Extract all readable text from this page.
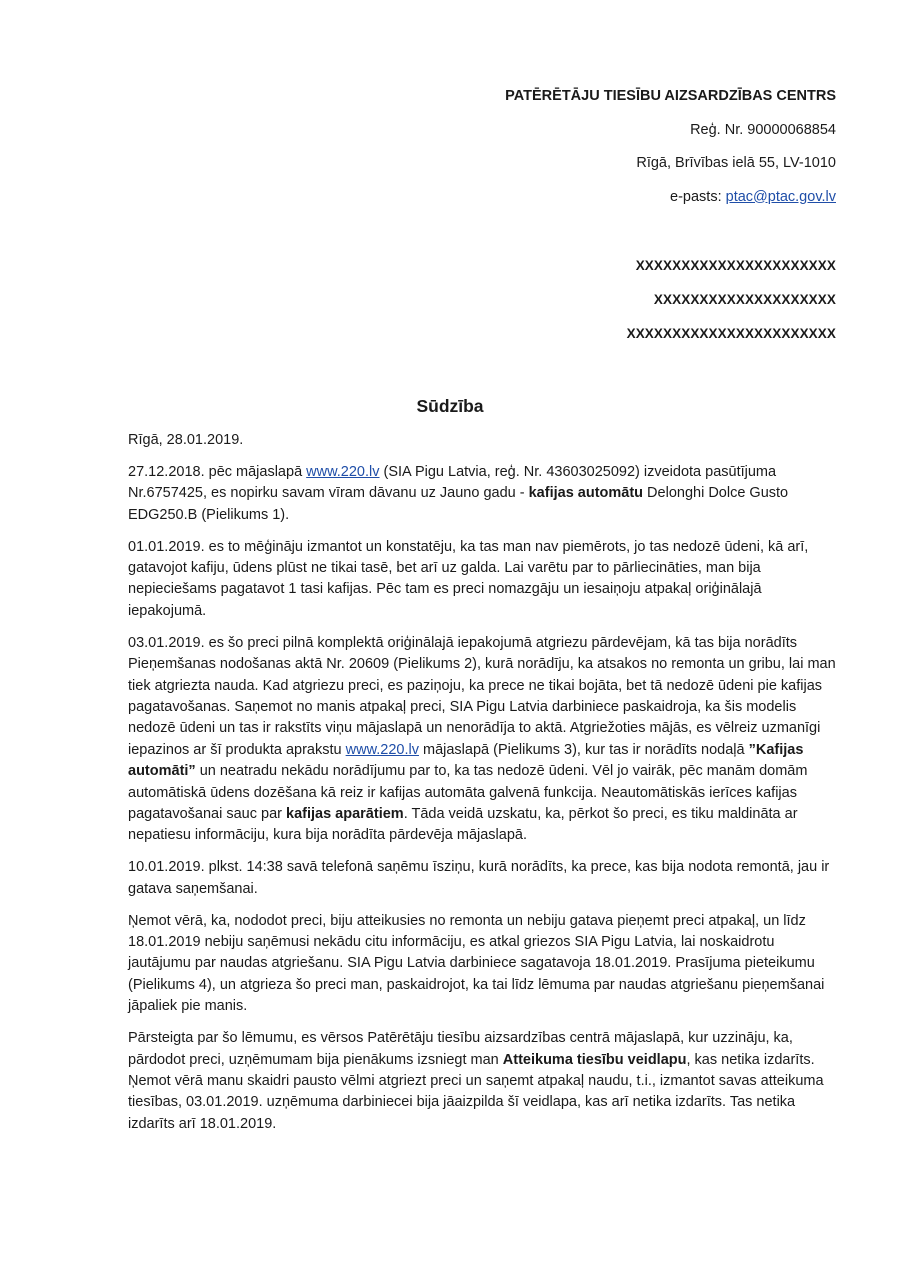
PATĒRĒTĀJU TIESĪBU AIZSARDZĪBAS CENTRS
Reģ. Nr. 90000068854
Rīgā, Brīvības ielā 55, LV-1010
e-pasts: ptac@ptac.gov.lv
XXXXXXXXXXXXXXXXXXXXXX
XXXXXXXXXXXXXXXXXXXX
XXXXXXXXXXXXXXXXXXXXXXX
Sūdzība

Rīgā, 28.01.2019.

27.12.2018. pēc mājaslapā www.220.lv (SIA Pigu Latvia, reģ. Nr. 43603025092) izveidota pasūtījuma Nr.6757425, es nopirku savam vīram dāvanu uz Jauno gadu - kafijas automātu Delonghi Dolce Gusto EDG250.B (Pielikums 1).

01.01.2019. es to mēģināju izmantot un konstatēju, ka tas man nav piemērots, jo tas nedozē ūdeni, kā arī, gatavojot kafiju, ūdens plūst ne tikai tasē, bet arī uz galda. Lai varētu par to pārliecināties, man bija nepieciešams pagatavot 1 tasi kafijas. Pēc tam es preci nomazgāju un iesaiņoju atpakaļ oriģinālajā iepakojumā.

03.01.2019. es šo preci pilnā komplektā oriģinālajā iepakojumā atgriezu pārdevējam, kā tas bija norādīts Pieņemšanas nodošanas aktā Nr. 20609 (Pielikums 2), kurā norādīju, ka atsakos no remonta un gribu, lai man tiek atgriezta nauda. Kad atgriezu preci, es paziņoju, ka prece ne tikai bojāta, bet tā nedozē ūdeni pie kafijas pagatavošanas. Saņemot no manis atpakaļ preci, SIA Pigu Latvia darbiniece paskaidroja, ka šis modelis nedozē ūdeni un tas ir rakstīts viņu mājaslapā un nenorādīja to aktā. Atgriežoties mājās, es vēlreiz uzmanīgi iepazinos ar šī produkta aprakstu www.220.lv mājaslapā (Pielikums 3), kur tas ir norādīts nodaļā ”Kafijas automāti” un neatradu nekādu norādījumu par to, ka tas nedozē ūdeni. Vēl jo vairāk, pēc manām domām automātiskā ūdens dozēšana kā reiz ir kafijas automāta galvenā funkcija. Neautomātiskās ierīces kafijas pagatavošanai sauc par kafijas aparātiem. Tāda veidā uzskatu, ka, pērkot šo preci, es tiku maldināta ar nepatiesu informāciju, kura bija norādīta pārdevēja mājaslapā.

10.01.2019. plkst. 14:38 savā telefonā saņēmu īsziņu, kurā norādīts, ka prece, kas bija nodota remontā, jau ir gatava saņemšanai.

Ņemot vērā, ka, nododot preci, biju atteikusies no remonta un nebiju gatava pieņemt preci atpakaļ, un līdz 18.01.2019 nebiju saņēmusi nekādu citu informāciju, es atkal griezos SIA Pigu Latvia, lai noskaidrotu jautājumu par naudas atgriešanu. SIA Pigu Latvia darbiniece sagatavoja 18.01.2019. Prasījuma pieteikumu (Pielikums 4), un atgrieza šo preci man, paskaidrojot, ka tai līdz lēmuma par naudas atgriešanu pieņemšanai jāpaliek pie manis.

Pārsteigta par šo lēmumu, es vērsos Patērētāju tiesību aizsardzības centrā mājaslapā, kur uzzināju, ka, pārdodot preci, uzņēmumam bija pienākums izsniegt man Atteikuma tiesību veidlapu, kas netika izdarīts. Ņemot vērā manu skaidri pausto vēlmi atgriezt preci un saņemt atpakaļ naudu, t.i., izmantot savas atteikuma tiesības, 03.01.2019. uzņēmuma darbiniecei bija jāaizpilda šī veidlapa, kas arī netika izdarīts. Tas netika izdarīts arī 18.01.2019.
